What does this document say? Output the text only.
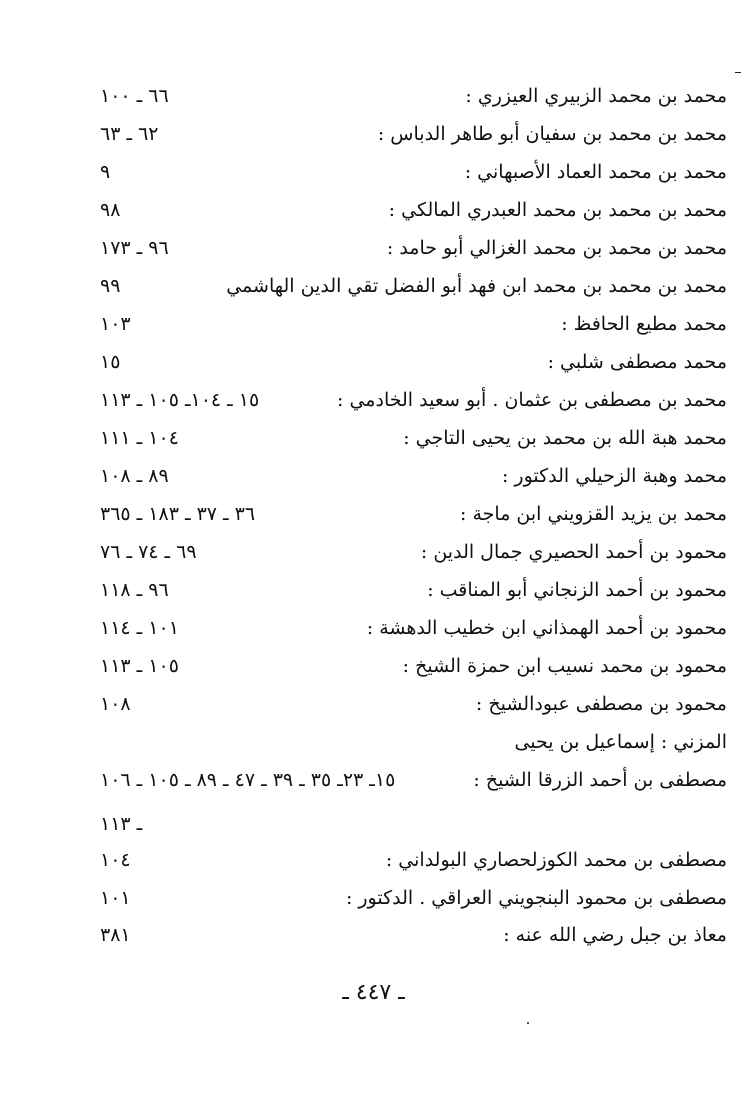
محمد بن محمد الزبيري العيزري :
٦٦ ـ ١٠٠
محمد بن محمد بن سفيان أبو طاهر الدباس :
٦٢ ـ ٦٣
محمد بن محمد العماد الأصبهاني :
٩
محمد بن محمد بن محمد العبدري المالكي :
٩٨
محمد بن محمد بن محمد الغزالي أبو حامد :
٩٦ ـ ١٧٣
محمد بن محمد بن محمد ابن فهد أبو الفضل تقي الدين الهاشمي
٩٩
محمد مطيع الحافظ :
١٠٣
محمد مصطفى شلبي :
١٥
محمد بن مصطفى بن عثمان . أبو سعيد الخادمي :
١٥ ـ ١٠٤ـ ١٠٥ ـ ١١٣
محمد هبة الله بن محمد بن يحيى التاجي :
١٠٤ ـ ١١١
محمد وهبة الزحيلي الدكتور :
٨٩ ـ ١٠٨
محمد بن يزيد القزويني ابن ماجة :
٣٦ ـ ٣٧ ـ ١٨٣ ـ ٣٦٥
محمود بن أحمد الحصيري جمال الدين :
٦٩ ـ ٧٤ ـ ٧٦
محمود بن أحمد الزنجاني أبو المناقب :
٩٦ ـ ١١٨
محمود بن أحمد الهمذاني ابن خطيب الدهشة :
١٠١ ـ ١١٤
محمود بن محمد نسيب ابن حمزة الشيخ :
١٠٥ ـ ١١٣
محمود بن مصطفى عبودالشيخ :
١٠٨
المزني : إسماعيل بن يحيى
مصطفى بن أحمد الزرقا الشيخ :
١٥ـ ٢٣ـ ٣٥ ـ ٣٩ ـ ٤٧ ـ ٨٩ ـ ١٠٥ ـ ١٠٦
ـ ١١٣
مصطفى بن محمد الكوزلحصاري البولداني :
١٠٤
مصطفى بن محمود البنجويني العراقي . الدكتور :
١٠١
معاذ بن جبل رضي الله عنه :
٣٨١
ـ ٤٤٧ ـ
